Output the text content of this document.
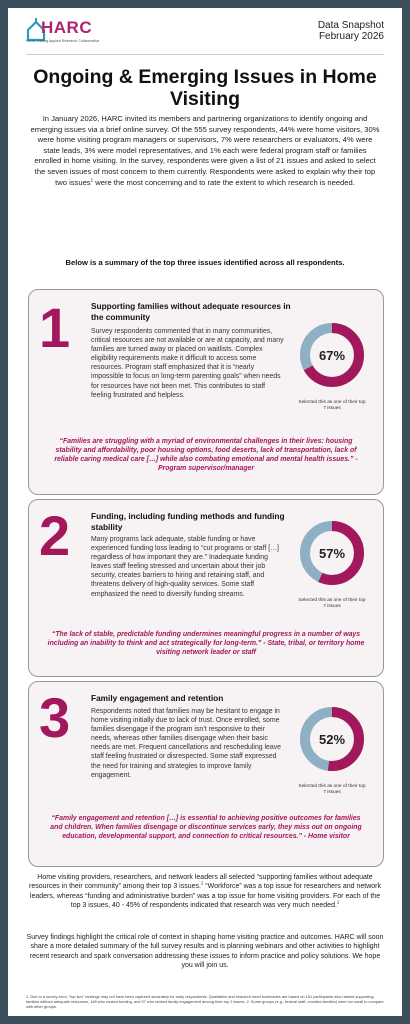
HARC
Home Visiting Applied Research Collaborative
Data Snapshot
February 2026
Ongoing & Emerging Issues in Home Visiting
In January 2026, HARC invited its members and partnering organizations to identify ongoing and emerging issues via a brief online survey. Of the 555 survey respondents, 44% were home visitors, 30% were home visiting program managers or supervisors, 7% were researchers or evaluators, 4% were state leads, 3% were model representatives, and 1% each were federal program staff or families enrolled in home visiting. In the survey, respondents were given a list of 21 issues and asked to select the seven issues of most concern to them currently. Respondents were asked to explain why their top two issues$^1$ were the most concerning and to rate the extent to which research is needed.
Below is a summary of the top three issues identified across all respondents.
1	Supporting families without adequate resources in the community
Survey respondents commented that in many communities, critical resources are not available or are at capacity, and many families are turned away or placed on waitlists. Complex eligibility requirements make it difficult to access some resources. Program staff emphasized that it is “nearly impossible to focus on long-term parenting goals” when needs for resources have not been met. This contributes to staff feeling frustrated and helpless.
67%
Selected this as one of their top 7 issues
“Families are struggling with a myriad of environmental challenges in their lives: housing stability and affordability, poor housing options, food deserts, lack of transportation, lack of reliable caring medical care […] while also combating emotional and mental health issues.” - Program supervisor/manager
2	Funding, including funding methods and funding stability
Many programs lack adequate, stable funding or have experienced funding loss leading to “cut programs or staff […] regardless of how important they are.” Inadequate funding leaves staff feeling stressed and uncertain about their job security, creates barriers to hiring and retaining staff, and threatens delivery of high-quality services. Some staff emphasized the need to diversify funding streams.
57%
Selected this as one of their top 7 issues
“The lack of stable, predictable funding undermines meaningful progress in a number of ways including an inability to think and act strategically for long-term.” - State, tribal, or territory home visiting network leader or staff
3	Family engagement and retention
Respondents noted that families may be hesitant to engage in home visiting initially due to lack of trust. Once enrolled, some families disengage if the program isn’t responsive to their needs, whereas other families disengage when their basic needs are met. Frequent cancellations and rescheduling leave staff feeling frustrated or disrespected. Some staff expressed the need for training and strategies to improve family engagement.
52%
Selected this as one of their top 7 issues
“Family engagement and retention […] is essential to achieving positive outcomes for families and children. When families disengage or discontinue services early, they miss out on ongoing education, developmental support, and connection to critical resources.” - Home visitor
Home visiting providers, researchers, and network leaders all selected “supporting families without adequate resources in their community” among their top 3 issues.$^2$ “Workforce” was a top issue for researchers and network leaders, whereas “funding and administrative burden” was a top issue for home visiting providers. For each of the top 3 issues, 40 - 45% of respondents indicated that research was very much needed.$^1$
Survey findings highlight the critical role of context in shaping home visiting practice and outcomes. HARC will soon share a more detailed summary of the full survey results and is planning webinars and other activities to highlight recent research and spark conversation addressing these issues to inform practice and policy solutions. We hope you will join us.
1. Due to a survey error, “top two” rankings may not have been captured accurately for early respondents. Qualitative and research need summaries are based on 161 participants who ranked supporting families without adequate resources, 148 who ranked funding, and 97 who ranked family engagement among their top 2 issues. 2. Some groups (e.g., federal staff, enrolled families) were too small to compare with other groups.
